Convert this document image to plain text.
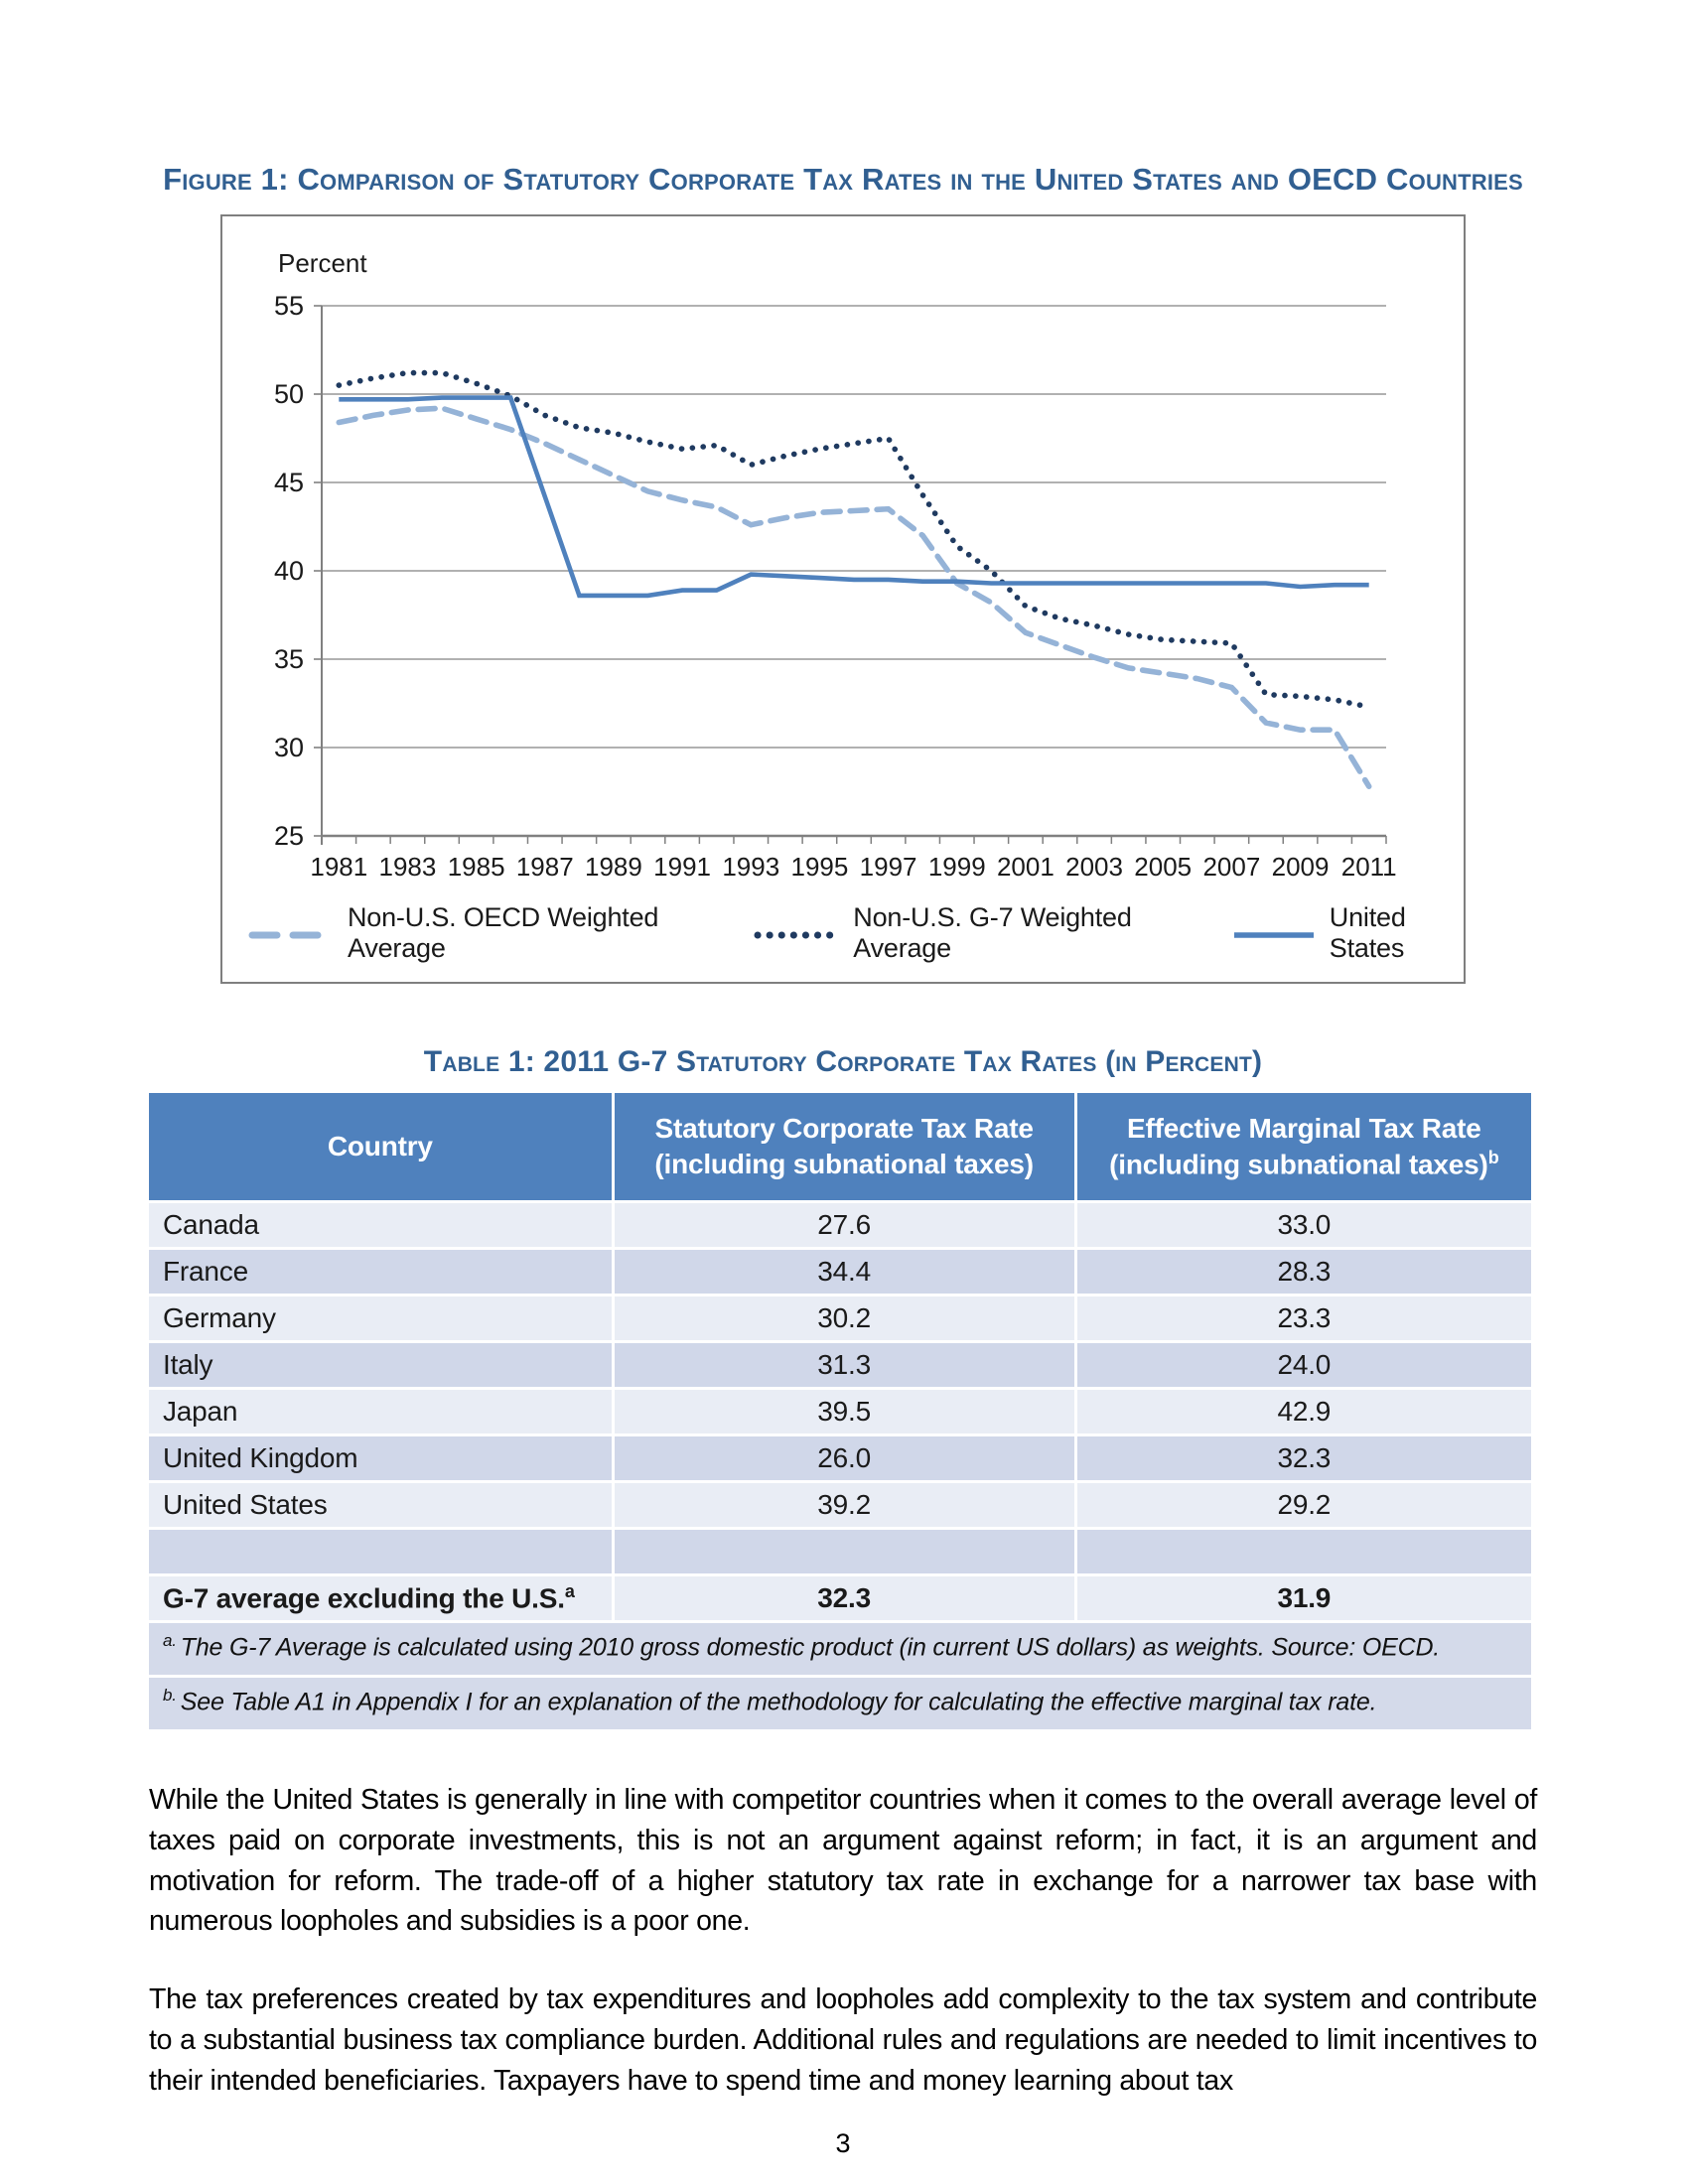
Figure 1: Comparison of Statutory Corporate Tax Rates in the United States and OECD Countries
25
30
35
40
45
50
55
1981 1983 1985 1987 1989 1991 1993 1995 1997 1999 2001 2003 2005 2007 2009 2011
Percent
Non-U.S. OECD Weighted Average
Non-U.S. G-7 Weighted Average
United States
Table 1: 2011 G-7 Statutory Corporate Tax Rates (in Percent)
Country	Statutory Corporate Tax Rate (including subnational taxes)	Effective Marginal Tax Rate (including subnational taxes)$^b$
Canada	27.6	33.0
France	34.4	28.3
Germany	30.2	23.3
Italy	31.3	24.0
Japan	39.5	42.9
United Kingdom	26.0	32.3
United States	39.2	29.2

G-7 average excluding the U.S.$^a$	32.3	31.9
$^{a.}$ The G-7 Average is calculated using 2010 gross domestic product (in current US dollars) as weights. Source: OECD.		
$^{b.}$ See Table A1 in Appendix I for an explanation of the methodology for calculating the effective marginal tax rate.		

While the United States is generally in line with competitor countries when it comes to the overall average level of taxes paid on corporate investments, this is not an argument against reform; in fact, it is an argument and motivation for reform. The trade-off of a higher statutory tax rate in exchange for a narrower tax base with numerous loopholes and subsidies is a poor one.

The tax preferences created by tax expenditures and loopholes add complexity to the tax system and contribute to a substantial business tax compliance burden. Additional rules and regulations are needed to limit incentives to their intended beneficiaries. Taxpayers have to spend time and money learning about tax

3
